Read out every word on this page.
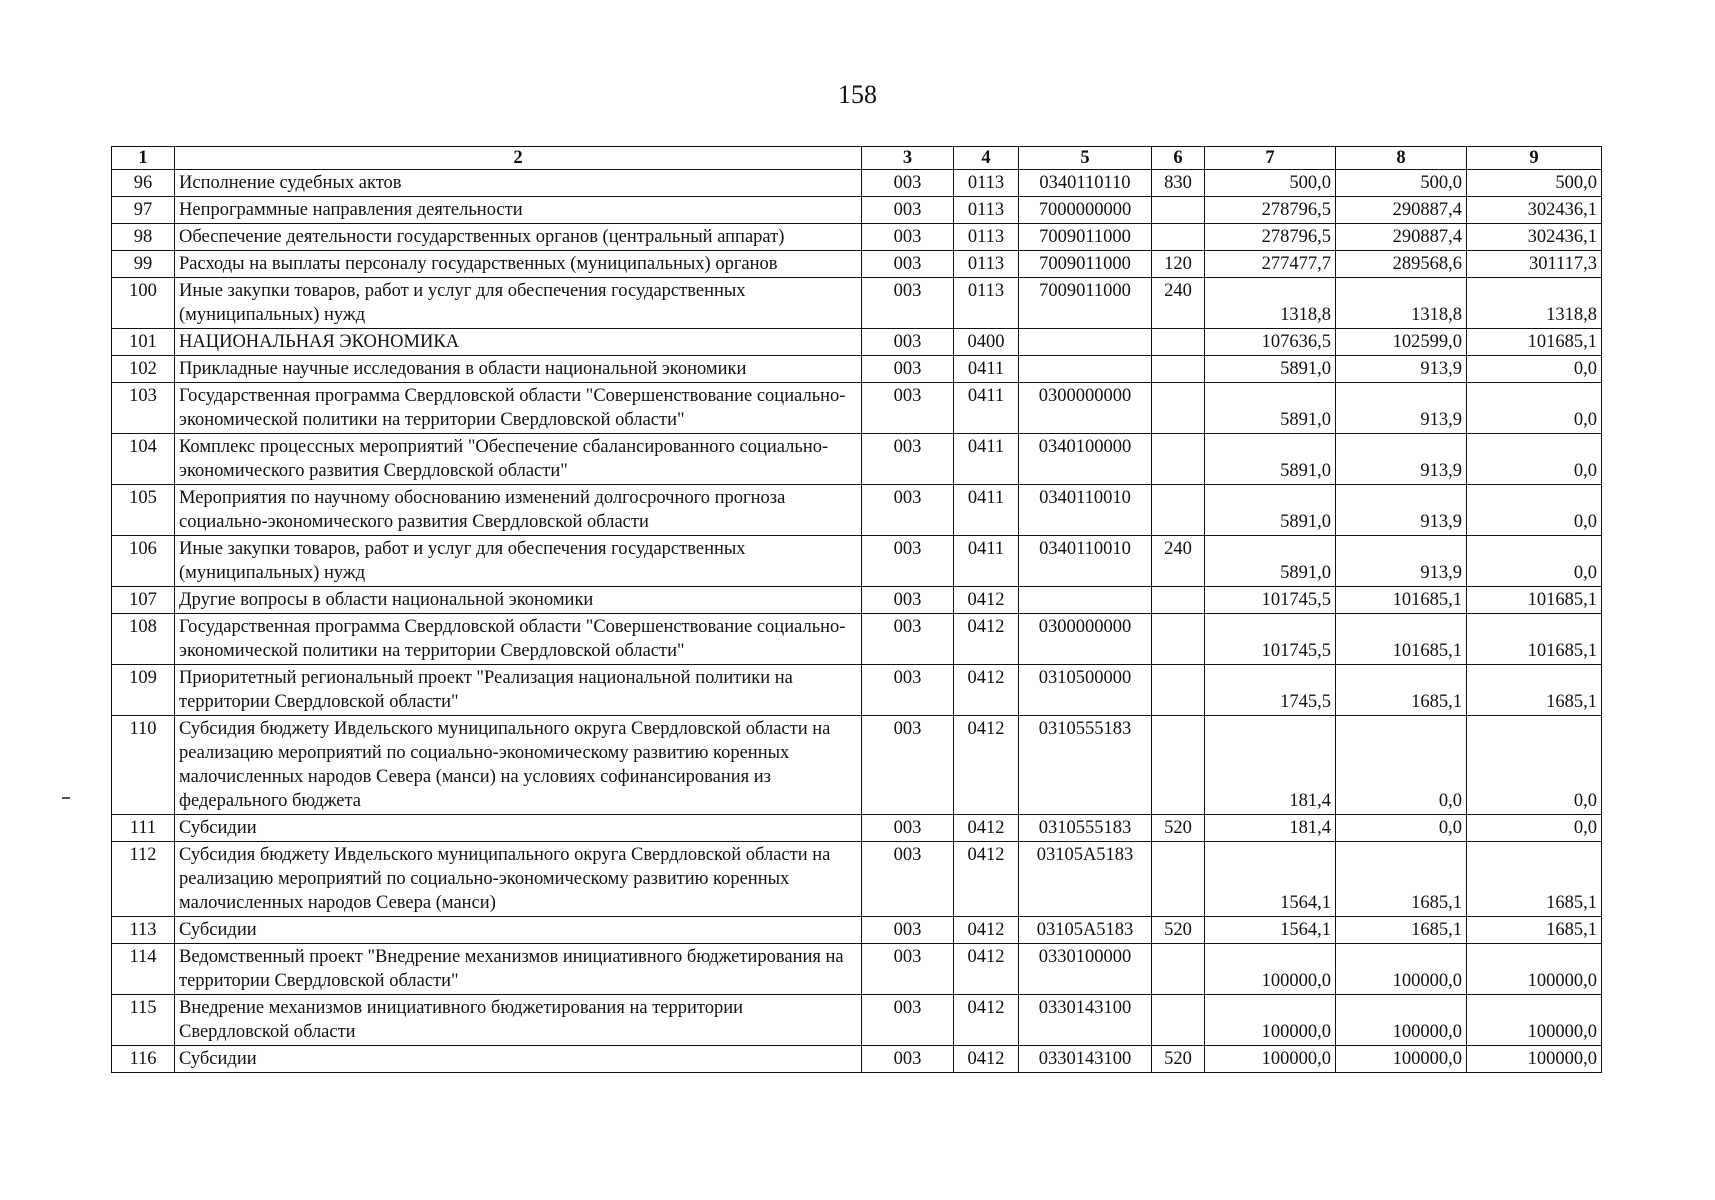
158
1	2	3	4	5	6	7	8	9
96	Исполнение судебных актов	003	0113	0340110110	830	500,0	500,0	500,0
97	Непрограммные направления деятельности	003	0113	7000000000		278796,5	290887,4	302436,1
98	Обеспечение деятельности государственных органов (центральный аппарат)	003	0113	7009011000		278796,5	290887,4	302436,1
99	Расходы на выплаты персоналу государственных (муниципальных) органов	003	0113	7009011000	120	277477,7	289568,6	301117,3
100	Иные закупки товаров, работ и услуг для обеспечения государственных (муниципальных) нужд	003	0113	7009011000	240	1318,8	1318,8	1318,8
101	НАЦИОНАЛЬНАЯ ЭКОНОМИКА	003	0400			107636,5	102599,0	101685,1
102	Прикладные научные исследования в области национальной экономики	003	0411			5891,0	913,9	0,0
103	Государственная программа Свердловской области "Совершенствование социально-экономической политики на территории Свердловской области"	003	0411	0300000000		5891,0	913,9	0,0
104	Комплекс процессных мероприятий "Обеспечение сбалансированного социально-экономического развития Свердловской области"	003	0411	0340100000		5891,0	913,9	0,0
105	Мероприятия по научному обоснованию изменений долгосрочного прогноза социально-экономического развития Свердловской области	003	0411	0340110010		5891,0	913,9	0,0
106	Иные закупки товаров, работ и услуг для обеспечения государственных (муниципальных) нужд	003	0411	0340110010	240	5891,0	913,9	0,0
107	Другие вопросы в области национальной экономики	003	0412			101745,5	101685,1	101685,1
108	Государственная программа Свердловской области "Совершенствование социально-экономической политики на территории Свердловской области"	003	0412	0300000000		101745,5	101685,1	101685,1
109	Приоритетный региональный проект "Реализация национальной политики на территории Свердловской области"	003	0412	0310500000		1745,5	1685,1	1685,1
110	Субсидия бюджету Ивдельского муниципального округа Свердловской области на реализацию мероприятий по социально-экономическому развитию коренных малочисленных народов Севера (манси) на условиях софинансирования из федерального бюджета	003	0412	0310555183		181,4	0,0	0,0
111	Субсидии	003	0412	0310555183	520	181,4	0,0	0,0
112	Субсидия бюджету Ивдельского муниципального округа Свердловской области на реализацию мероприятий по социально-экономическому развитию коренных малочисленных народов Севера (манси)	003	0412	03105A5183		1564,1	1685,1	1685,1
113	Субсидии	003	0412	03105A5183	520	1564,1	1685,1	1685,1
114	Ведомственный проект "Внедрение механизмов инициативного бюджетирования на территории Свердловской области"	003	0412	0330100000		100000,0	100000,0	100000,0
115	Внедрение механизмов инициативного бюджетирования на территории Свердловской области	003	0412	0330143100		100000,0	100000,0	100000,0
116	Субсидии	003	0412	0330143100	520	100000,0	100000,0	100000,0
